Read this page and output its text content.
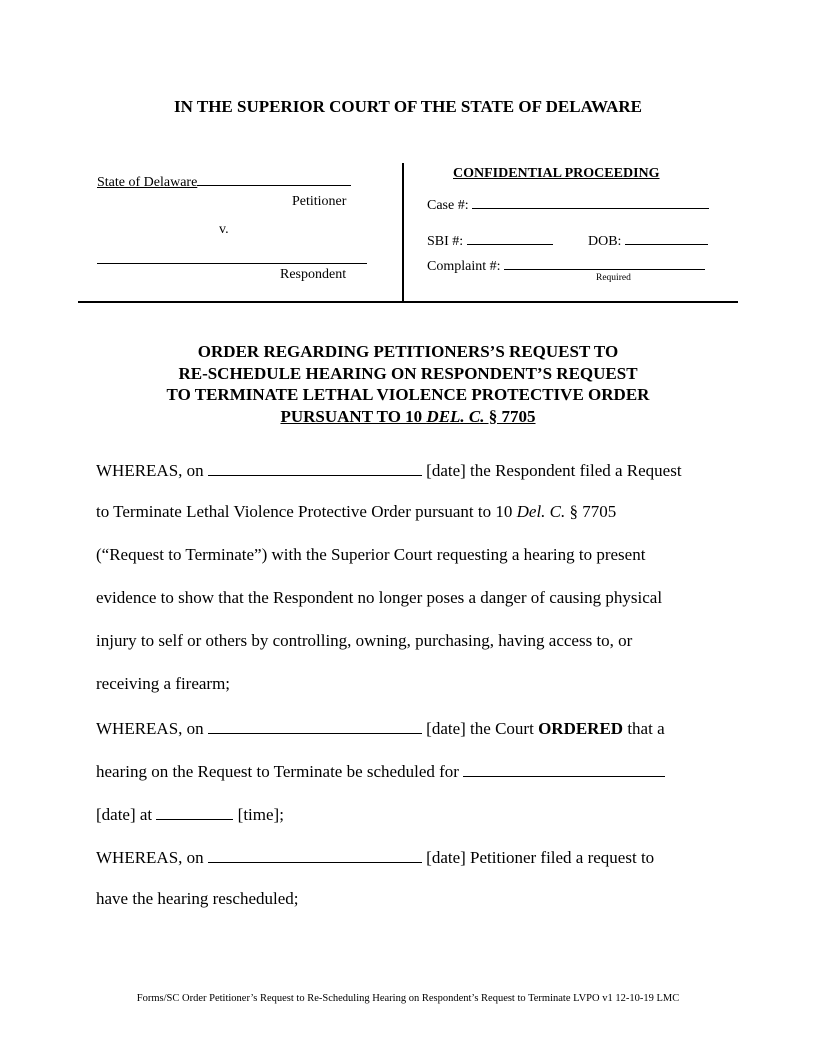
IN THE SUPERIOR COURT OF THE STATE OF DELAWARE
State of Delaware
Petitioner
v.
Respondent
CONFIDENTIAL PROCEEDING
Case #:
SBI #:	DOB:
Complaint #:
Required
ORDER REGARDING PETITIONERS’S REQUEST TO
RE-SCHEDULE HEARING ON RESPONDENT’S REQUEST
TO TERMINATE LETHAL VIOLENCE PROTECTIVE ORDER
PURSUANT TO 10 DEL. C. § 7705
WHEREAS, on	[date] the Respondent filed a Request
to Terminate Lethal Violence Protective Order pursuant to 10 Del. C. § 7705
(“Request to Terminate”) with the Superior Court requesting a hearing to present
evidence to show that the Respondent no longer poses a danger of causing physical
injury to self or others by controlling, owning, purchasing, having access to, or
receiving a firearm;
WHEREAS, on	[date] the Court ORDERED that a
hearing on the Request to Terminate be scheduled for
[date] at	[time];
WHEREAS, on	[date] Petitioner filed a request to
have the hearing rescheduled;
Forms/SC Order Petitioner’s Request to Re-Scheduling Hearing on Respondent’s Request to Terminate LVPO v1 12-10-19 LMC
